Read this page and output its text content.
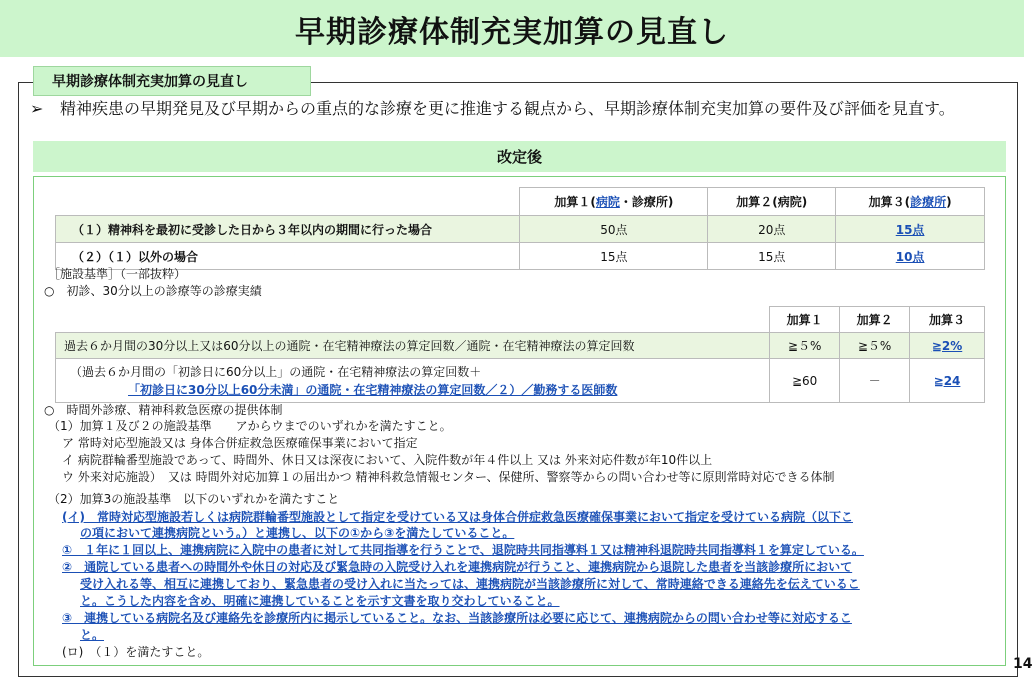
早期診療体制充実加算の見直し
早期診療体制充実加算の見直し
➢	精神疾患の早期発見及び早期からの重点的な診療を更に推進する観点から、早期診療体制充実加算の要件及び評価を見直す。
改定後
	加算１(病院・診療所)	加算２(病院)	加算３(診療所)
（１）精神科を最初に受診した日から３年以内の期間に行った場合	50点	20点	15点
（２）（１）以外の場合	15点	15点	10点
［施設基準］（一部抜粋）
○　初診、30分以上の診療等の診療実績
	加算１	加算２	加算３
過去６か月間の30分以上又は60分以上の通院・在宅精神療法の算定回数／通院・在宅精神療法の算定回数	≧５%	≧５%	≧2%

（過去６か月間の「初診日に60分以上」の通院・在宅精神療法の算定回数＋
「初診日に30分以上60分未満」の通院・在宅精神療法の算定回数／２）／勤務する医師数	≧60	－	≧24
○　時間外診療、精神科救急医療の提供体制
（1）加算１及び２の施設基準　　アからウまでのいずれかを満たすこと。
ア 常時対応型施設又は 身体合併症救急医療確保事業において指定
イ 病院群輪番型施設であって、時間外、休日又は深夜において、入院件数が年４件以上 又は 外来対応件数が年10件以上
ウ 外来対応施設）　又は 時間外対応加算１の届出かつ 精神科救急情報センター、保健所、警察等からの問い合わせ等に原則常時対応できる体制
（2）加算3の施設基準　以下のいずれかを満たすこと
(イ)　常時対応型施設若しくは病院群輪番型施設として指定を受けている又は身体合併症救急医療確保事業において指定を受けている病院（以下こ
の項において連携病院という。）と連携し、以下の①から③を満たしていること。
①　１年に１回以上、連携病院に入院中の患者に対して共同指導を行うことで、退院時共同指導料１又は精神科退院時共同指導料１を算定している。
②　通院している患者への時間外や休日の対応及び緊急時の入院受け入れを連携病院が行うこと、連携病院から退院した患者を当該診療所において
受け入れる等、相互に連携しており、緊急患者の受け入れに当たっては、連携病院が当該診療所に対して、常時連絡できる連絡先を伝えているこ
と。こうした内容を含め、明確に連携していることを示す文書を取り交わしていること。
③　連携している病院名及び連絡先を診療所内に掲示していること。なお、当該診療所は必要に応じて、連携病院からの問い合わせ等に対応するこ
と。
(ロ)　（１）を満たすこと。
14
